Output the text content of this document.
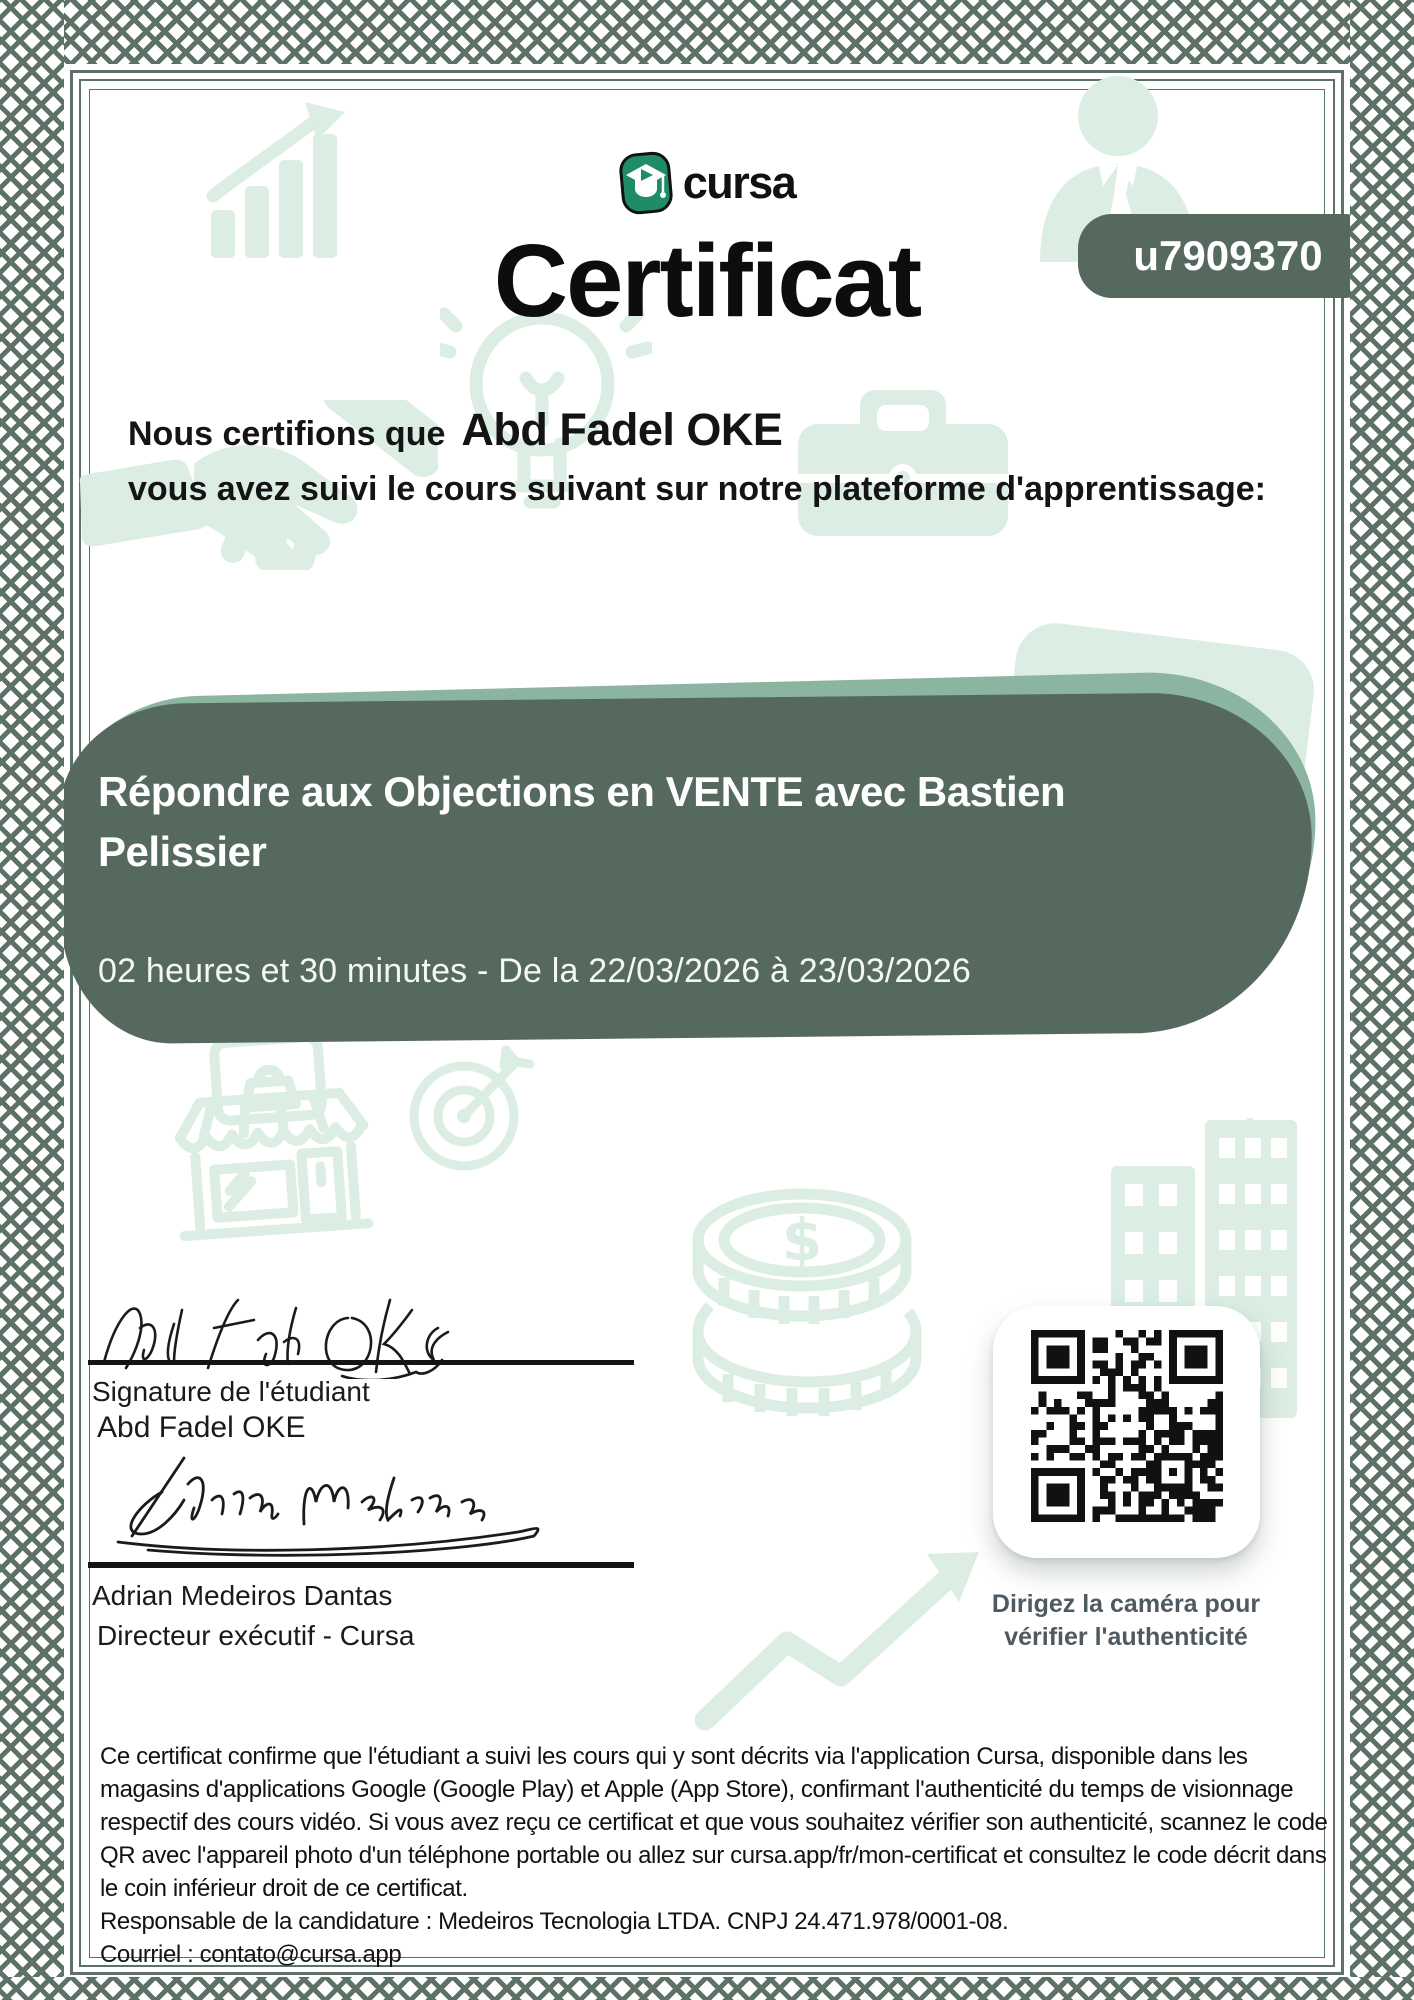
$
cursa
Certificat	u7909370
Nous certifions que Abd Fadel OKE
vous avez suivi le cours suivant sur notre plateforme d'apprentissage:
Répondre aux Objections en VENTE avec Bastien Pelissier
02 heures et 30 minutes - De la 22/03/2026 à 23/03/2026
Signature de l'étudiant
Abd Fadel OKE
Adrian Medeiros Dantas
Directeur exécutif - Cursa
Dirigez la caméra pour
vérifier l'authenticité

Ce certificat confirme que l'étudiant a suivi les cours qui y sont décrits via l'application Cursa, disponible dans les magasins d'applications Google (Google Play) et Apple (App Store), confirmant l'authenticité du temps de visionnage respectif des cours vidéo. Si vous avez reçu ce certificat et que vous souhaitez vérifier son authenticité, scannez le code QR avec l'appareil photo d'un téléphone portable ou allez sur cursa.app/fr/mon-certificat et consultez le code décrit dans le coin inférieur droit de ce certificat.

Responsable de la candidature : Medeiros Tecnologia LTDA. CNPJ 24.471.978/0001-08.

Courriel : contato@cursa.app
